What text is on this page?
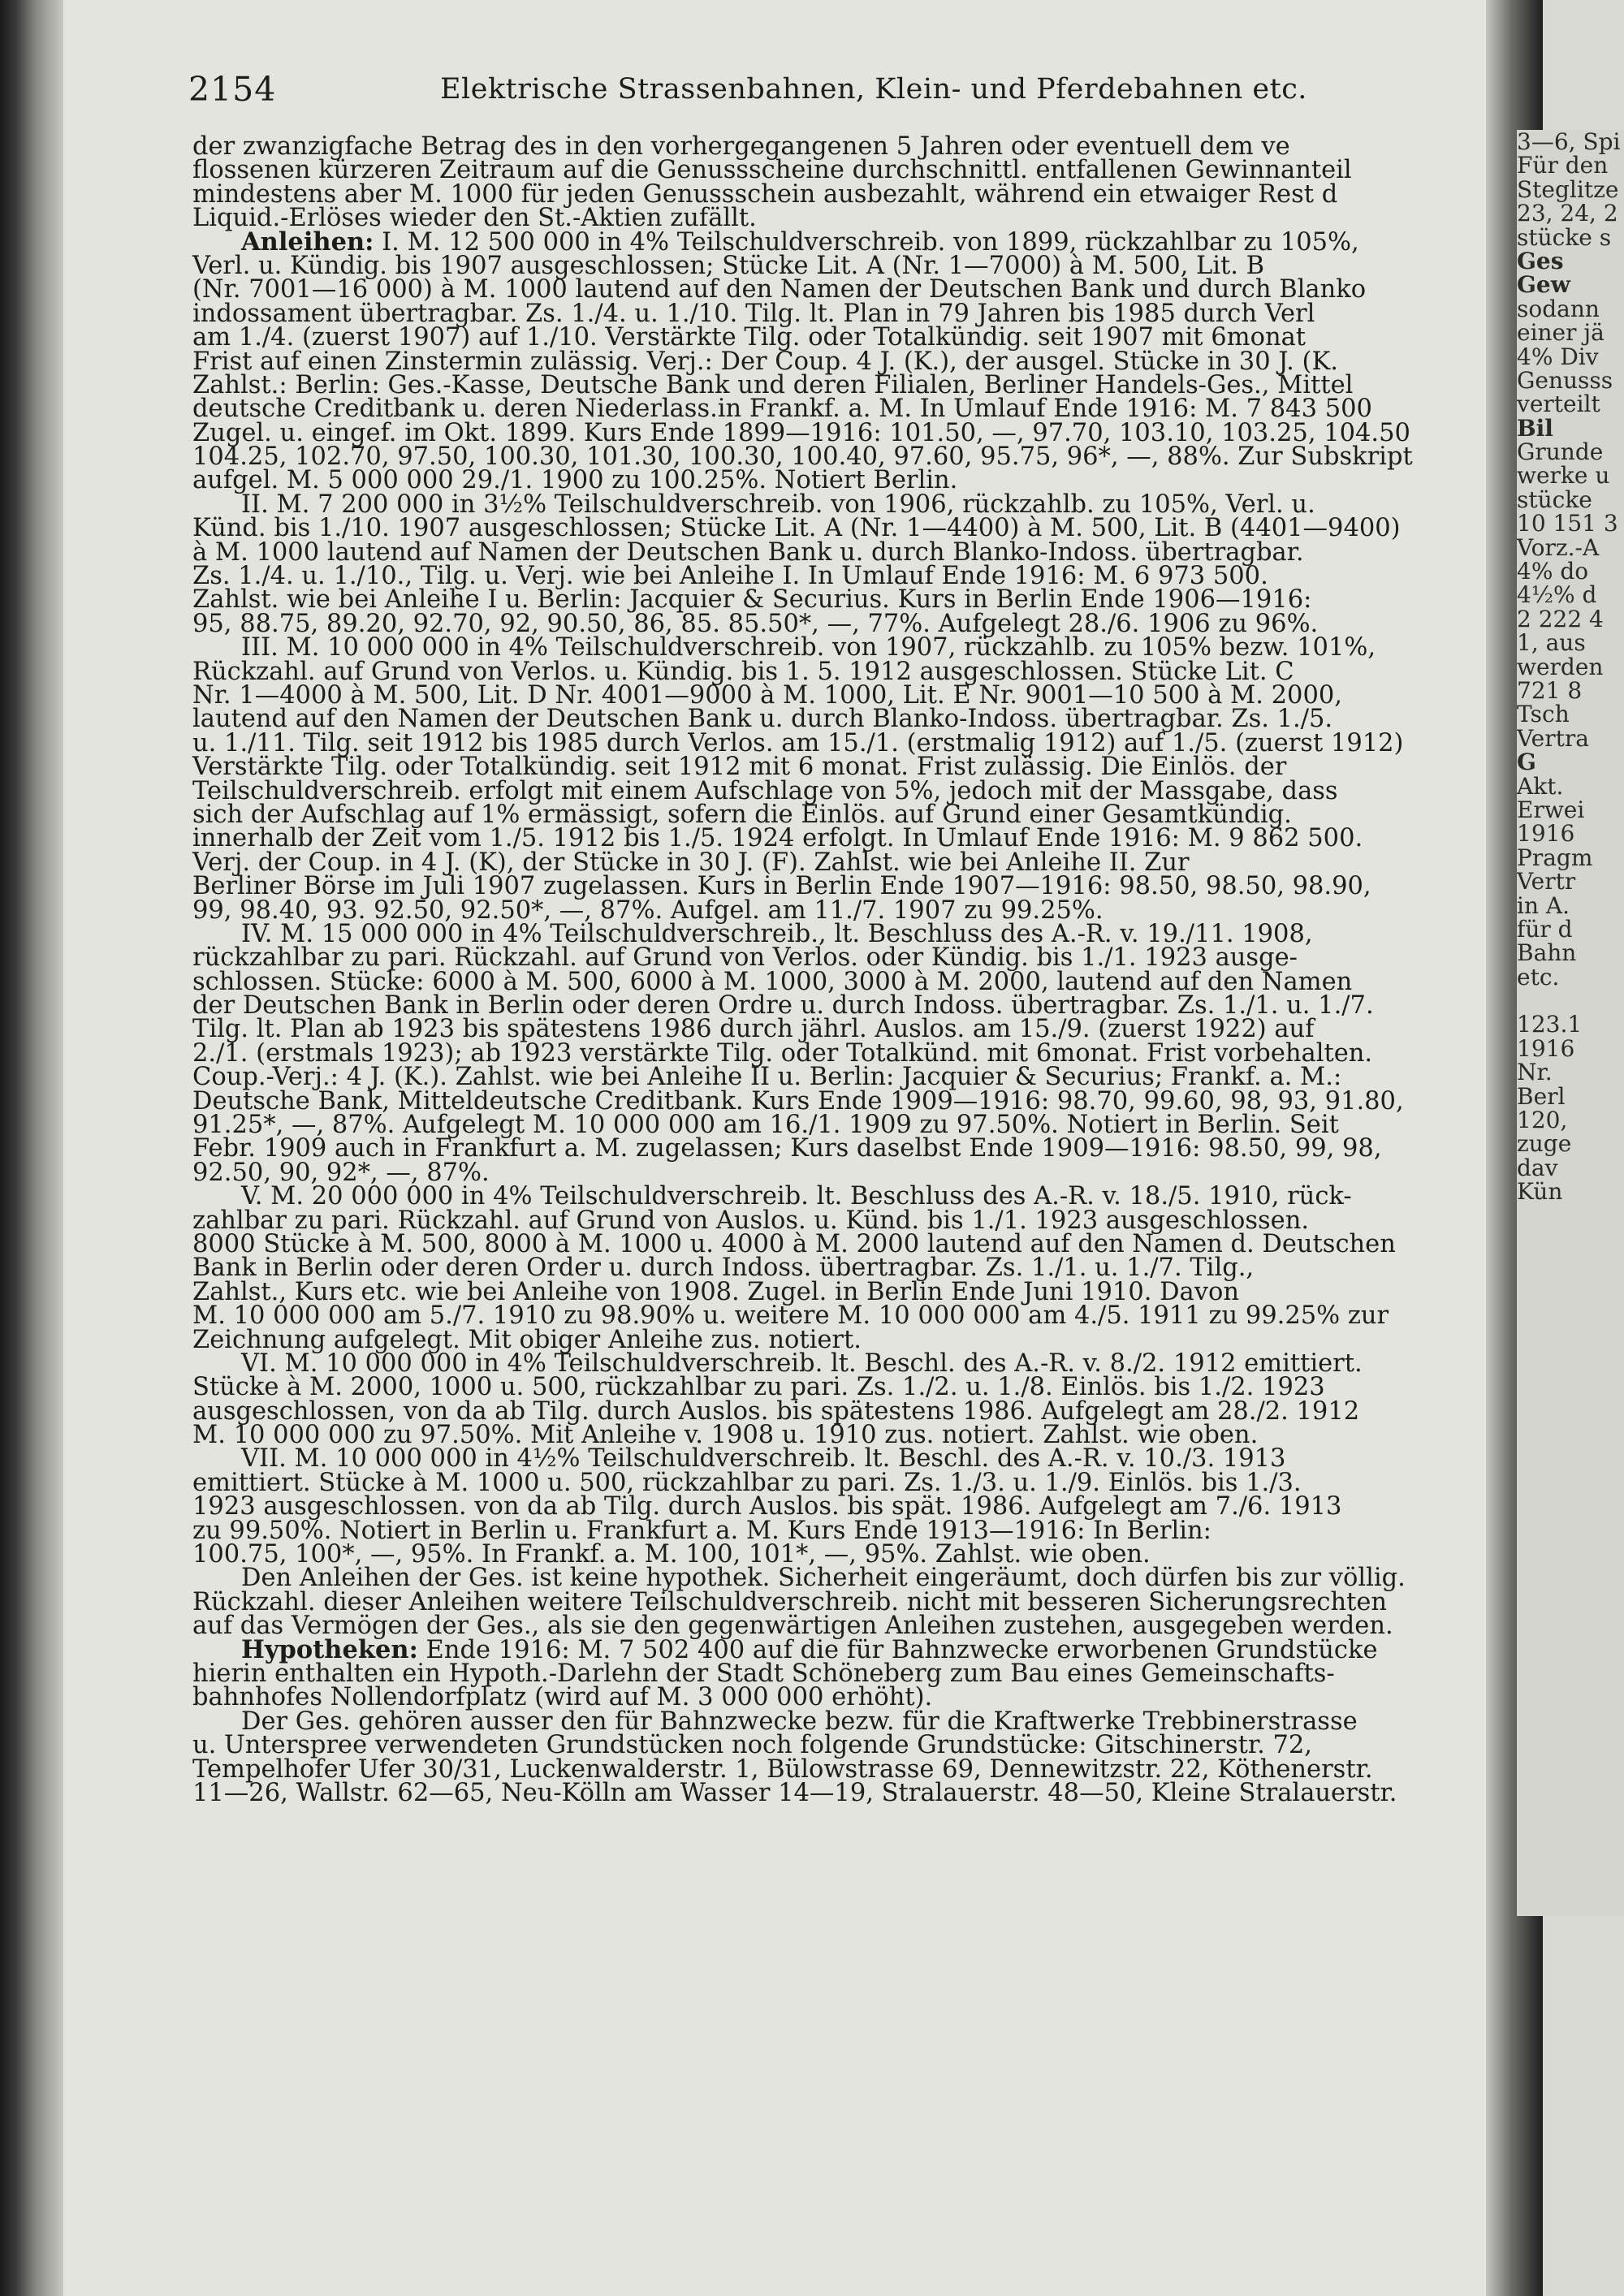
2154	Elektrische Strassenbahnen, Klein- und Pferdebahnen etc.
der zwanzigfache Betrag des in den vorhergegangenen 5 Jahren oder eventuell dem ve
flossenen kürzeren Zeitraum auf die Genussscheine durchschnittl. entfallenen Gewinnanteil
mindestens aber M. 1000 für jeden Genussschein ausbezahlt, während ein etwaiger Rest d
Liquid.-Erlöses wieder den St.-Aktien zufällt.
Anleihen: I. M. 12 500 000 in 4% Teilschuldverschreib. von 1899, rückzahlbar zu 105%,
Verl. u. Kündig. bis 1907 ausgeschlossen; Stücke Lit. A (Nr. 1—7000) à M. 500, Lit. B
(Nr. 7001—16 000) à M. 1000 lautend auf den Namen der Deutschen Bank und durch Blanko
indossament übertragbar. Zs. 1./4. u. 1./10. Tilg. lt. Plan in 79 Jahren bis 1985 durch Verl
am 1./4. (zuerst 1907) auf 1./10. Verstärkte Tilg. oder Totalkündig. seit 1907 mit 6monat
Frist auf einen Zinstermin zulässig. Verj.: Der Coup. 4 J. (K.), der ausgel. Stücke in 30 J. (K.
Zahlst.: Berlin: Ges.-Kasse, Deutsche Bank und deren Filialen, Berliner Handels-Ges., Mittel
deutsche Creditbank u. deren Niederlass.in Frankf. a. M. In Umlauf Ende 1916: M. 7 843 500
Zugel. u. eingef. im Okt. 1899. Kurs Ende 1899—1916: 101.50, —, 97.70, 103.10, 103.25, 104.50
104.25, 102.70, 97.50, 100.30, 101.30, 100.30, 100.40, 97.60, 95.75, 96*, —, 88%. Zur Subskript
aufgel. M. 5 000 000 29./1. 1900 zu 100.25%. Notiert Berlin.
II. M. 7 200 000 in 3½% Teilschuldverschreib. von 1906, rückzahlb. zu 105%, Verl. u.
Künd. bis 1./10. 1907 ausgeschlossen; Stücke Lit. A (Nr. 1—4400) à M. 500, Lit. B (4401—9400)
à M. 1000 lautend auf Namen der Deutschen Bank u. durch Blanko-Indoss. übertragbar.
Zs. 1./4. u. 1./10., Tilg. u. Verj. wie bei Anleihe I. In Umlauf Ende 1916: M. 6 973 500.
Zahlst. wie bei Anleihe I u. Berlin: Jacquier & Securius. Kurs in Berlin Ende 1906—1916:
95, 88.75, 89.20, 92.70, 92, 90.50, 86, 85. 85.50*, —, 77%. Aufgelegt 28./6. 1906 zu 96%.
III. M. 10 000 000 in 4% Teilschuldverschreib. von 1907, rückzahlb. zu 105% bezw. 101%,
Rückzahl. auf Grund von Verlos. u. Kündig. bis 1. 5. 1912 ausgeschlossen. Stücke Lit. C
Nr. 1—4000 à M. 500, Lit. D Nr. 4001—9000 à M. 1000, Lit. E Nr. 9001—10 500 à M. 2000,
lautend auf den Namen der Deutschen Bank u. durch Blanko-Indoss. übertragbar. Zs. 1./5.
u. 1./11. Tilg. seit 1912 bis 1985 durch Verlos. am 15./1. (erstmalig 1912) auf 1./5. (zuerst 1912)
Verstärkte Tilg. oder Totalkündig. seit 1912 mit 6 monat. Frist zulässig. Die Einlös. der
Teilschuldverschreib. erfolgt mit einem Aufschlage von 5%, jedoch mit der Massgabe, dass
sich der Aufschlag auf 1% ermässigt, sofern die Einlös. auf Grund einer Gesamtkündig.
innerhalb der Zeit vom 1./5. 1912 bis 1./5. 1924 erfolgt. In Umlauf Ende 1916: M. 9 862 500.
Verj. der Coup. in 4 J. (K), der Stücke in 30 J. (F). Zahlst. wie bei Anleihe II. Zur
Berliner Börse im Juli 1907 zugelassen. Kurs in Berlin Ende 1907—1916: 98.50, 98.50, 98.90,
99, 98.40, 93. 92.50, 92.50*, —, 87%. Aufgel. am 11./7. 1907 zu 99.25%.
IV. M. 15 000 000 in 4% Teilschuldverschreib., lt. Beschluss des A.-R. v. 19./11. 1908,
rückzahlbar zu pari. Rückzahl. auf Grund von Verlos. oder Kündig. bis 1./1. 1923 ausge-
schlossen. Stücke: 6000 à M. 500, 6000 à M. 1000, 3000 à M. 2000, lautend auf den Namen
der Deutschen Bank in Berlin oder deren Ordre u. durch Indoss. übertragbar. Zs. 1./1. u. 1./7.
Tilg. lt. Plan ab 1923 bis spätestens 1986 durch jährl. Auslos. am 15./9. (zuerst 1922) auf
2./1. (erstmals 1923); ab 1923 verstärkte Tilg. oder Totalkünd. mit 6monat. Frist vorbehalten.
Coup.-Verj.: 4 J. (K.). Zahlst. wie bei Anleihe II u. Berlin: Jacquier & Securius; Frankf. a. M.:
Deutsche Bank, Mitteldeutsche Creditbank. Kurs Ende 1909—1916: 98.70, 99.60, 98, 93, 91.80,
91.25*, —, 87%. Aufgelegt M. 10 000 000 am 16./1. 1909 zu 97.50%. Notiert in Berlin. Seit
Febr. 1909 auch in Frankfurt a. M. zugelassen; Kurs daselbst Ende 1909—1916: 98.50, 99, 98,
92.50, 90, 92*, —, 87%.
V. M. 20 000 000 in 4% Teilschuldverschreib. lt. Beschluss des A.-R. v. 18./5. 1910, rück-
zahlbar zu pari. Rückzahl. auf Grund von Auslos. u. Künd. bis 1./1. 1923 ausgeschlossen.
8000 Stücke à M. 500, 8000 à M. 1000 u. 4000 à M. 2000 lautend auf den Namen d. Deutschen
Bank in Berlin oder deren Order u. durch Indoss. übertragbar. Zs. 1./1. u. 1./7. Tilg.,
Zahlst., Kurs etc. wie bei Anleihe von 1908. Zugel. in Berlin Ende Juni 1910. Davon
M. 10 000 000 am 5./7. 1910 zu 98.90% u. weitere M. 10 000 000 am 4./5. 1911 zu 99.25% zur
Zeichnung aufgelegt. Mit obiger Anleihe zus. notiert.
VI. M. 10 000 000 in 4% Teilschuldverschreib. lt. Beschl. des A.-R. v. 8./2. 1912 emittiert.
Stücke à M. 2000, 1000 u. 500, rückzahlbar zu pari. Zs. 1./2. u. 1./8. Einlös. bis 1./2. 1923
ausgeschlossen, von da ab Tilg. durch Auslos. bis spätestens 1986. Aufgelegt am 28./2. 1912
M. 10 000 000 zu 97.50%. Mit Anleihe v. 1908 u. 1910 zus. notiert. Zahlst. wie oben.
VII. M. 10 000 000 in 4½% Teilschuldverschreib. lt. Beschl. des A.-R. v. 10./3. 1913
emittiert. Stücke à M. 1000 u. 500, rückzahlbar zu pari. Zs. 1./3. u. 1./9. Einlös. bis 1./3.
1923 ausgeschlossen. von da ab Tilg. durch Auslos. bis spät. 1986. Aufgelegt am 7./6. 1913
zu 99.50%. Notiert in Berlin u. Frankfurt a. M. Kurs Ende 1913—1916: In Berlin:
100.75, 100*, —, 95%. In Frankf. a. M. 100, 101*, —, 95%. Zahlst. wie oben.
Den Anleihen der Ges. ist keine hypothek. Sicherheit eingeräumt, doch dürfen bis zur völlig.
Rückzahl. dieser Anleihen weitere Teilschuldverschreib. nicht mit besseren Sicherungsrechten
auf das Vermögen der Ges., als sie den gegenwärtigen Anleihen zustehen, ausgegeben werden.
Hypotheken: Ende 1916: M. 7 502 400 auf die für Bahnzwecke erworbenen Grundstücke
hierin enthalten ein Hypoth.-Darlehn der Stadt Schöneberg zum Bau eines Gemeinschafts-
bahnhofes Nollendorfplatz (wird auf M. 3 000 000 erhöht).
Der Ges. gehören ausser den für Bahnzwecke bezw. für die Kraftwerke Trebbinerstrasse
u. Unterspree verwendeten Grundstücken noch folgende Grundstücke: Gitschinerstr. 72,
Tempelhofer Ufer 30/31, Luckenwalderstr. 1, Bülowstrasse 69, Dennewitzstr. 22, Köthenerstr.
11—26, Wallstr. 62—65, Neu-Kölln am Wasser 14—19, Stralauerstr. 48—50, Kleine Stralauerstr.
3—6, Spi
Für den
Steglitze
23, 24, 2
stücke s
Ges
Gew
sodann
einer jä
4% Div
Genusss
verteilt
Bil
Grunde
werke u
stücke
10 151 3
Vorz.-A
4% do
4½% d
2 222 4
1, aus
werden
721 8
Tsch
Vertra
G
Akt.
Erwei
1916
Pragm
Vertr
in A.
für d
Bahn
etc.
123.1
1916
Nr.
Berl
120,
zuge
dav
Kün
